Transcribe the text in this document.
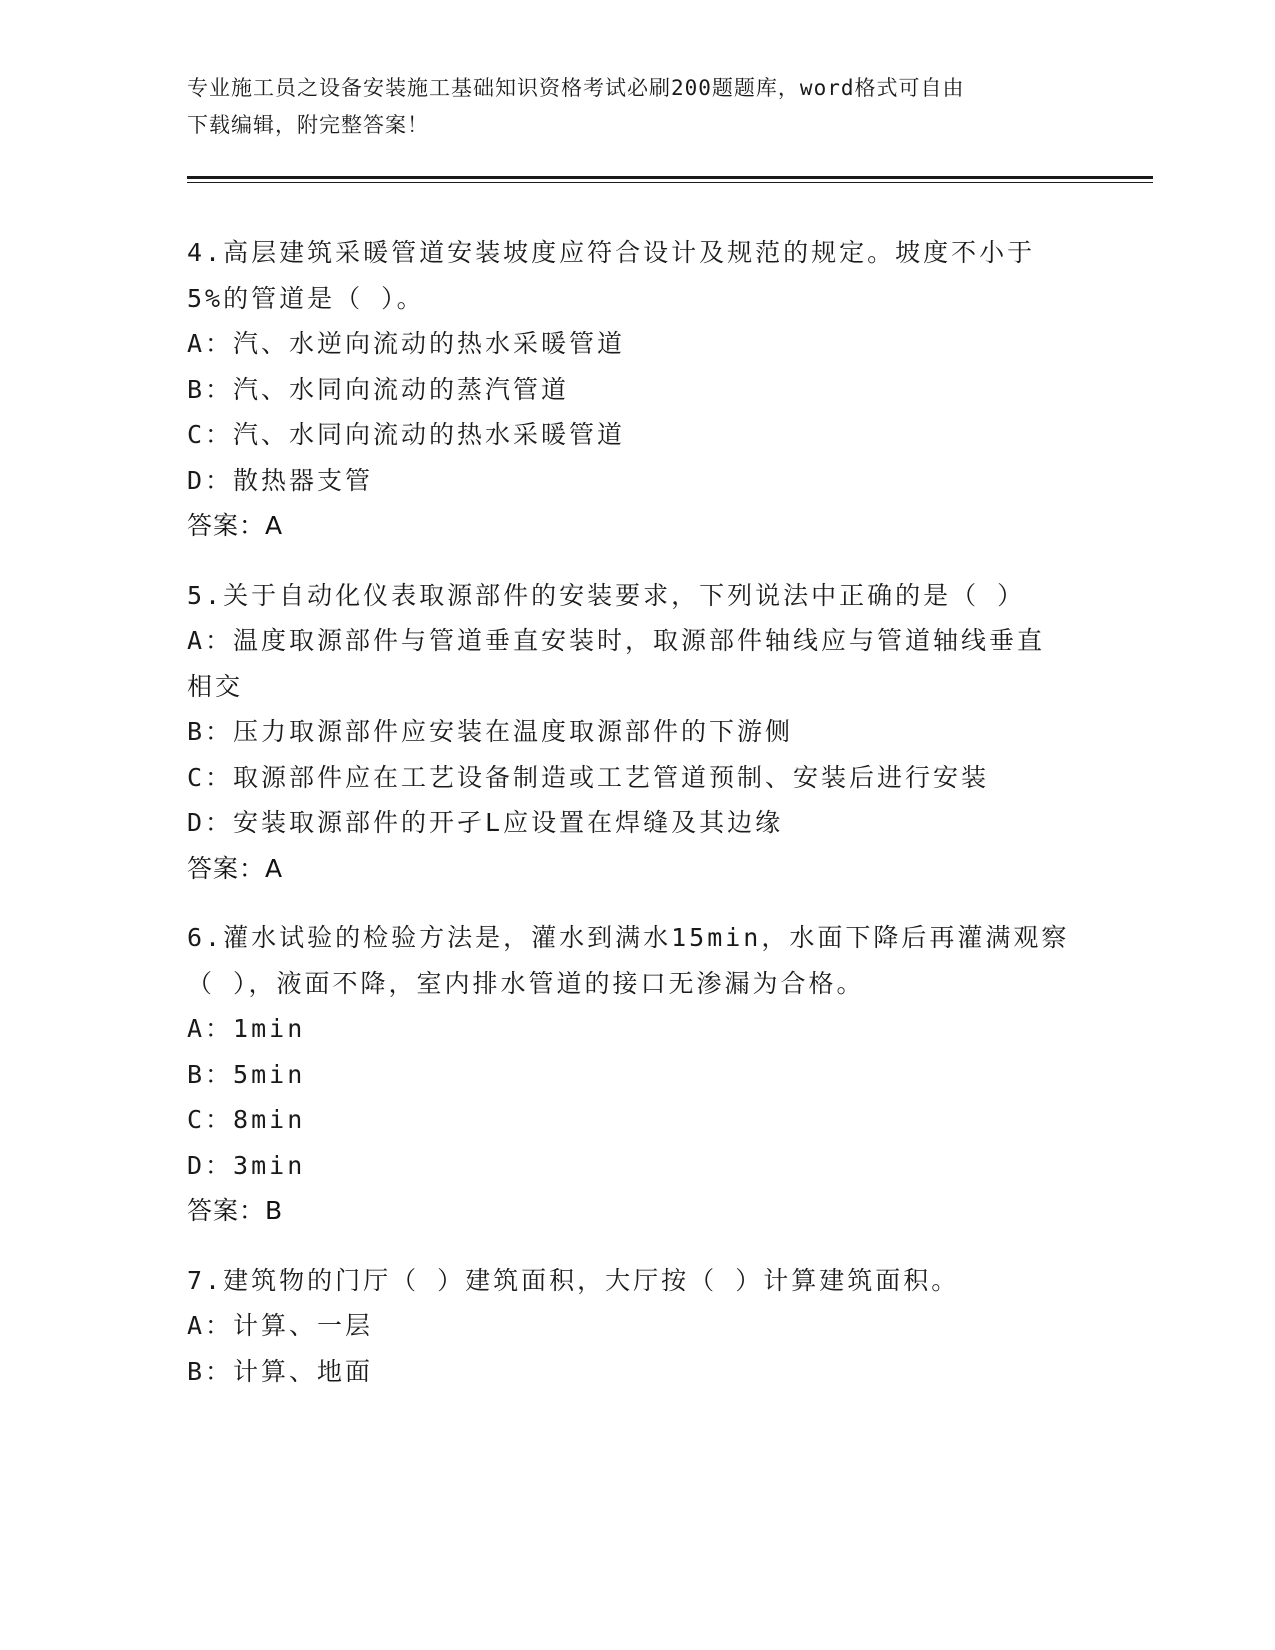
专业施工员之设备安装施工基础知识资格考试必刷200题题库，word格式可自由
下载编辑，附完整答案！
4.高层建筑采暖管道安装坡度应符合设计及规范的规定。坡度不小于
5%的管道是（ ）。
A：汽、水逆向流动的热水采暖管道
B：汽、水同向流动的蒸汽管道
C：汽、水同向流动的热水采暖管道
D：散热器支管
答案：A
5.关于自动化仪表取源部件的安装要求，下列说法中正确的是（ ）
A：温度取源部件与管道垂直安装时，取源部件轴线应与管道轴线垂直
相交
B：压力取源部件应安装在温度取源部件的下游侧
C：取源部件应在工艺设备制造或工艺管道预制、安装后进行安装
D：安装取源部件的开孑L应设置在焊缝及其边缘
答案：A
6.灌水试验的检验方法是，灌水到满水15min，水面下降后再灌满观察
（ ），液面不降，室内排水管道的接口无渗漏为合格。
A：1min
B：5min
C：8min
D：3min
答案：B
7.建筑物的门厅（ ）建筑面积，大厅按（ ）计算建筑面积。
A：计算、一层
B：计算、地面
